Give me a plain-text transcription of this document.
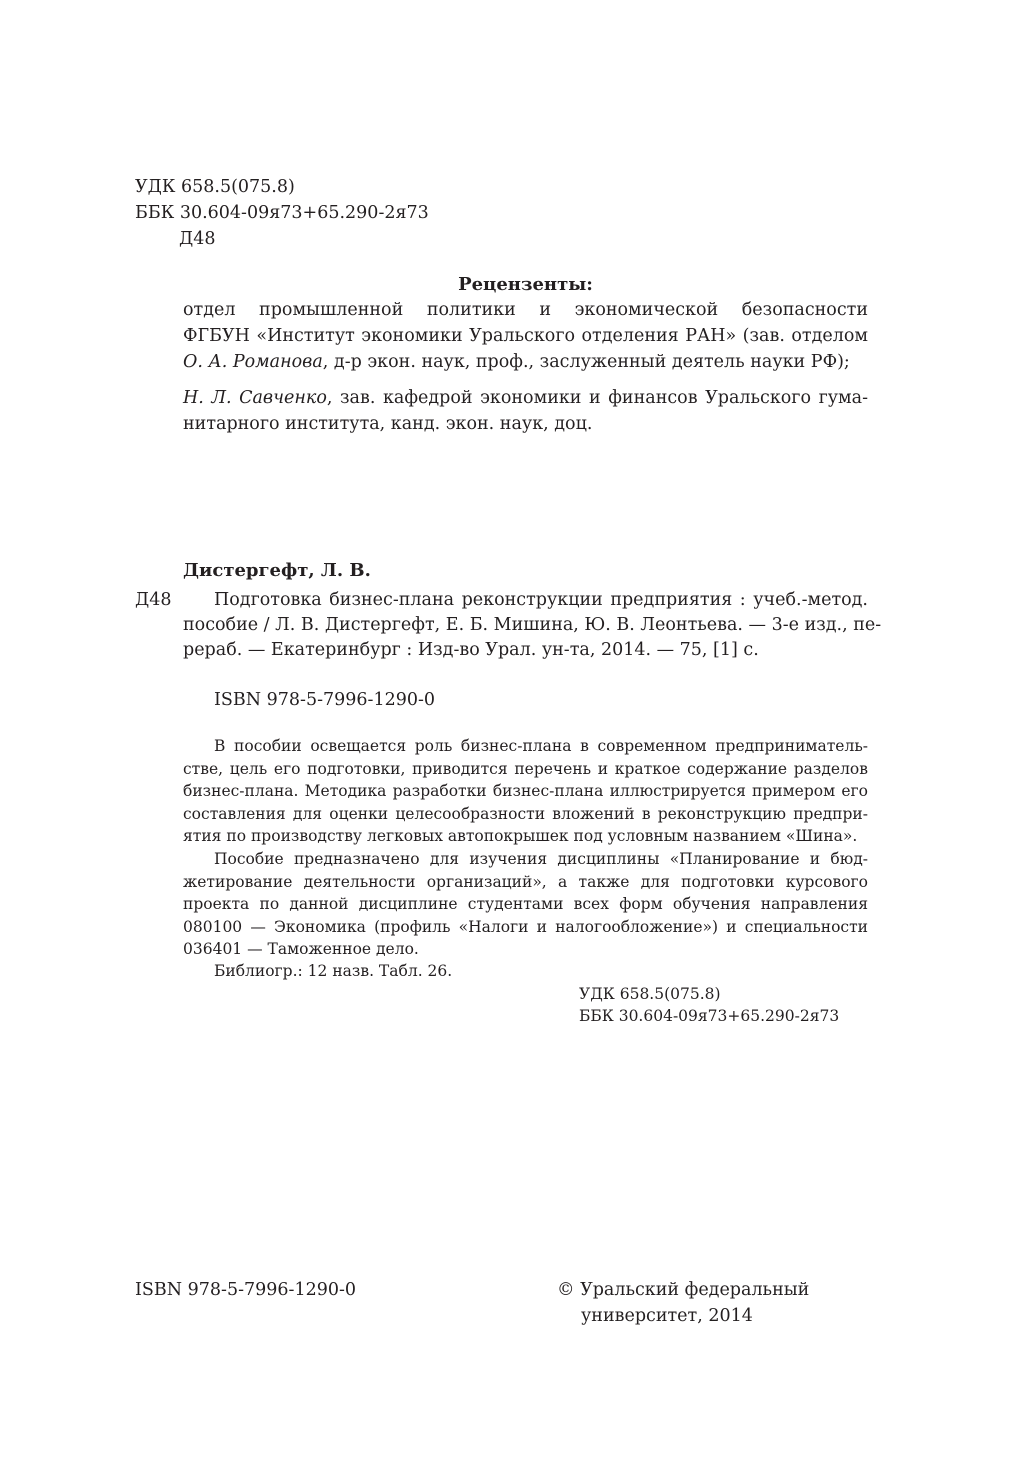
УДК 658.5(075.8)
ББК 30.604-09я73+65.290-2я73
Д48
Рецензенты:
отдел промышленной политики и экономической безопасности
ФГБУН «Институт экономики Уральского отделения РАН» (зав. отделом
О. А. Романова, д-р экон. наук, проф., заслуженный деятель науки РФ);
Н. Л. Савченко, зав. кафедрой экономики и финансов Уральского гума-
нитарного института, канд. экон. наук, доц.
Дистергефт, Л. В.
Д48 Подготовка бизнес-плана реконструкции предприятия : учеб.-метод.
пособие / Л. В. Дистергефт, Е. Б. Мишина, Ю. В. Леонтьева. — 3-е изд., пе-
рераб. — Екатеринбург : Изд-во Урал. ун-та, 2014. — 75, [1] с.
ISBN 978-5-7996-1290-0
В пособии освещается роль бизнес-плана в современном предприниматель-
стве, цель его подготовки, приводится перечень и краткое содержание разделов
бизнес-плана. Методика разработки бизнес-плана иллюстрируется примером его
составления для оценки целесообразности вложений в реконструкцию предпри-
ятия по производству легковых автопокрышек под условным названием «Шина».
Пособие предназначено для изучения дисциплины «Планирование и бюд-
жетирование деятельности организаций», а также для подготовки курсового
проекта по данной дисциплине студентами всех форм обучения направления
080100 — Экономика (профиль «Налоги и налогообложение») и специальности
036401 — Таможенное дело.
Библиогр.: 12 назв. Табл. 26.
УДК 658.5(075.8)
ББК 30.604-09я73+65.290-2я73
ISBN 978-5-7996-1290-0	© Уральский федеральный
университет, 2014
